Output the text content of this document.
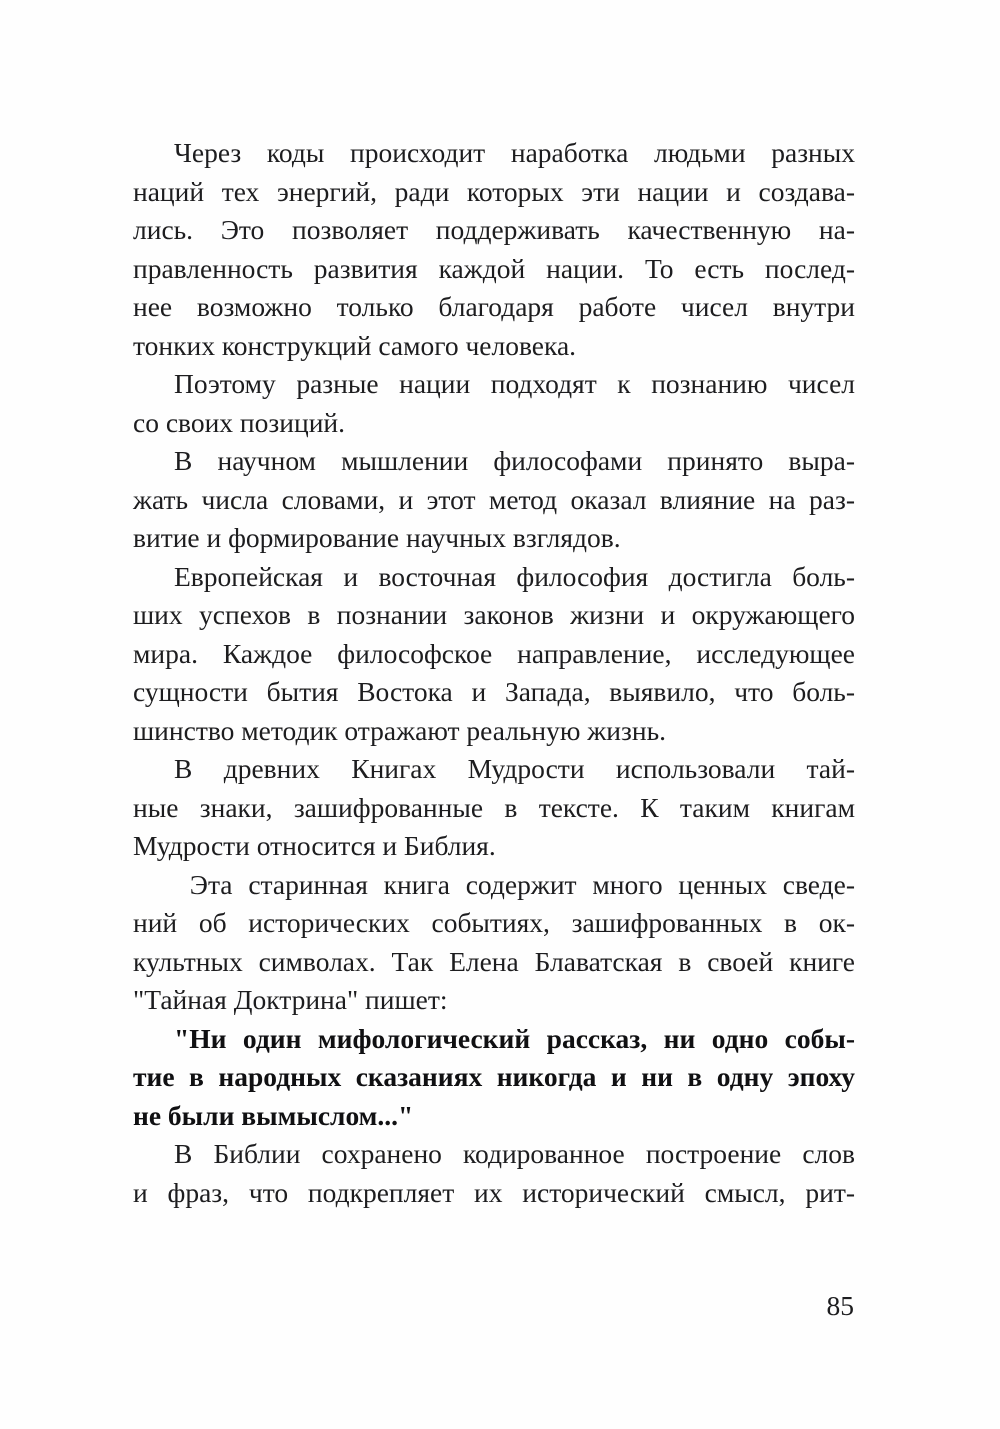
Через коды происходит наработка людьми разных
наций тех энергий, ради которых эти нации и создава-
лись. Это позволяет поддерживать качественную на-
правленность развития каждой нации. То есть послед-
нее возможно только благодаря работе чисел внутри
тонких конструкций самого человека.
Поэтому разные нации подходят к познанию чисел
со своих позиций.
В научном мышлении философами принято выра-
жать числа словами, и этот метод оказал влияние на раз-
витие и формирование научных взглядов.
Европейская и восточная философия достигла боль-
ших успехов в познании законов жизни и окружающего
мира. Каждое философское направление, исследующее
сущности бытия Востока и Запада, выявило, что боль-
шинство методик отражают реальную жизнь.
В древних Книгах Мудрости использовали тай-
ные знаки, зашифрованные в тексте. К таким книгам
Мудрости относится и Библия.
Эта старинная книга содержит много ценных сведе-
ний об исторических событиях, зашифрованных в ок-
культных символах. Так Елена Блаватская в своей книге
"Тайная Доктрина" пишет:
"Ни один мифологический рассказ, ни одно собы-
тие в народных сказаниях никогда и ни в одну эпоху
не были вымыслом..."
В Библии сохранено кодированное построение слов
и фраз, что подкрепляет их исторический смысл, рит-
85
